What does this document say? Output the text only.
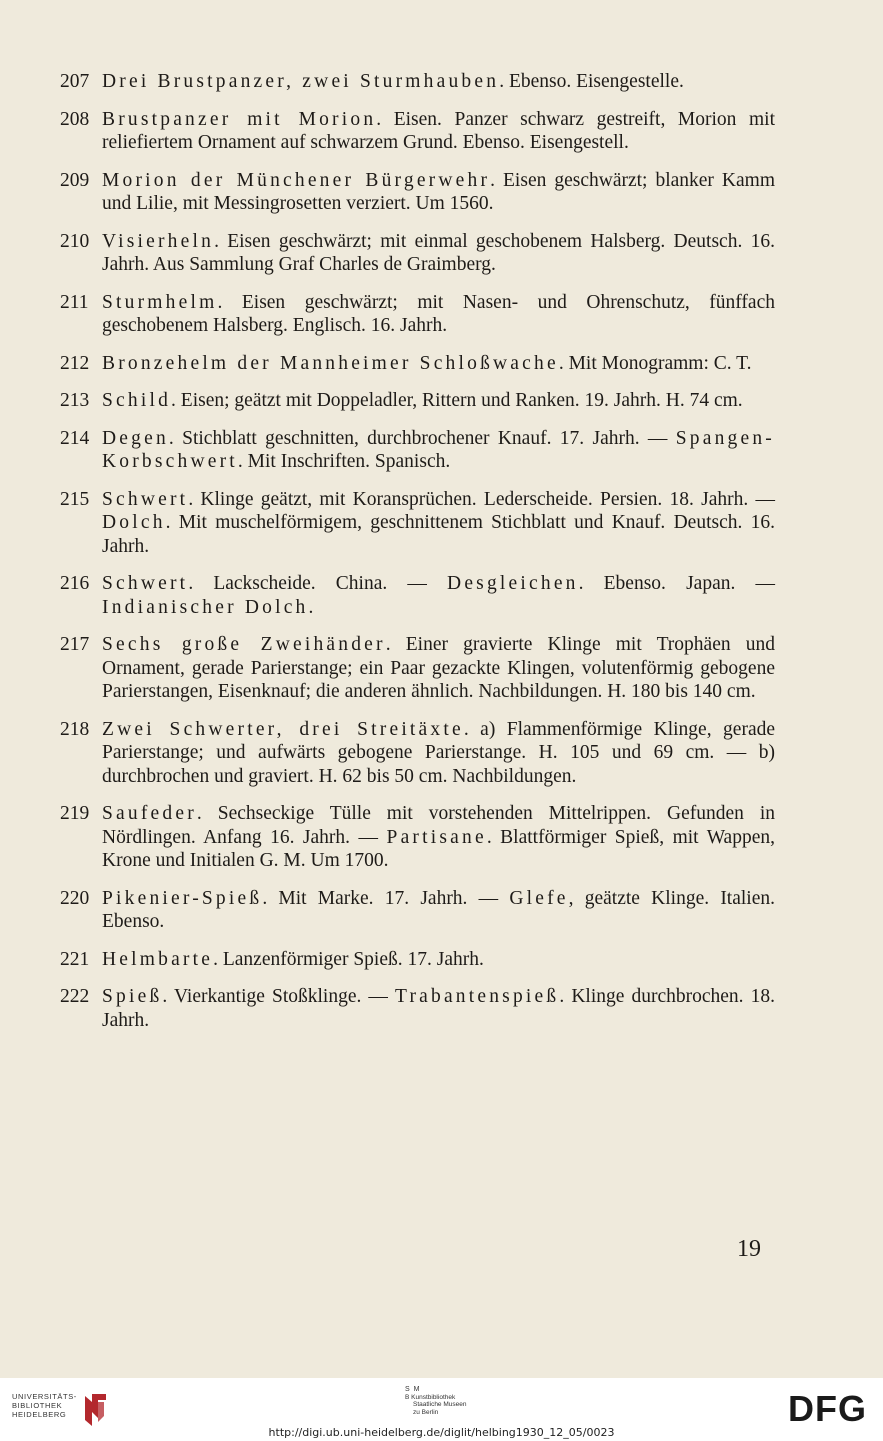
207 Drei Brustpanzer, zwei Sturmhauben. Ebenso. Eisengestelle.
208 Brustpanzer mit Morion. Eisen. Panzer schwarz gestreift, Morion mit reliefiertem Ornament auf schwarzem Grund. Ebenso. Eisengestell.
209 Morion der Münchener Bürgerwehr. Eisen geschwärzt; blanker Kamm und Lilie, mit Messingrosetten verziert. Um 1560.
210 Visierheln. Eisen geschwärzt; mit einmal geschobenem Halsberg. Deutsch. 16. Jahrh. Aus Sammlung Graf Charles de Graimberg.
211 Sturmhelm. Eisen geschwärzt; mit Nasen- und Ohrenschutz, fünffach geschobenem Halsberg. Englisch. 16. Jahrh.
212 Bronzehelm der Mannheimer Schloßwache. Mit Monogramm: C. T.
213 Schild. Eisen; geätzt mit Doppeladler, Rittern und Ranken. 19. Jahrh. H. 74 cm.
214 Degen. Stichblatt geschnitten, durchbrochener Knauf. 17. Jahrh. — Spangen-Korbschwert. Mit Inschriften. Spanisch.
215 Schwert. Klinge geätzt, mit Koransprüchen. Lederscheide. Persien. 18. Jahrh. — Dolch. Mit muschelförmigem, geschnittenem Stichblatt und Knauf. Deutsch. 16. Jahrh.
216 Schwert. Lackscheide. China. — Desgleichen. Ebenso. Japan. — Indianischer Dolch.
217 Sechs große Zweihänder. Einer gravierte Klinge mit Trophäen und Ornament, gerade Parierstange; ein Paar gezackte Klingen, volutenförmig gebogene Parierstangen, Eisenknauf; die anderen ähnlich. Nachbildungen. H. 180 bis 140 cm.
218 Zwei Schwerter, drei Streitäxte. a) Flammenförmige Klinge, gerade Parierstange; und aufwärts gebogene Parierstange. H. 105 und 69 cm. — b) durchbrochen und graviert. H. 62 bis 50 cm. Nachbildungen.
219 Saufeder. Sechseckige Tülle mit vorstehenden Mittelrippen. Gefunden in Nördlingen. Anfang 16. Jahrh. — Partisane. Blattförmiger Spieß, mit Wappen, Krone und Initialen G. M. Um 1700.
220 Pikenier-Spieß. Mit Marke. 17. Jahrh. — Glefe, geätzte Klinge. Italien. Ebenso.
221 Helmbarte. Lanzenförmiger Spieß. 17. Jahrh.
222 Spieß. Vierkantige Stoßklinge. — Trabantenspieß. Klinge durchbrochen. 18. Jahrh.
19
UNIVERSITÄTS-
BIBLIOTHEK
HEIDELBERG
S M
B Kunstbibliothek
Staatliche Museen
zu Berlin	DFG
http://digi.ub.uni-heidelberg.de/diglit/helbing1930_12_05/0023
